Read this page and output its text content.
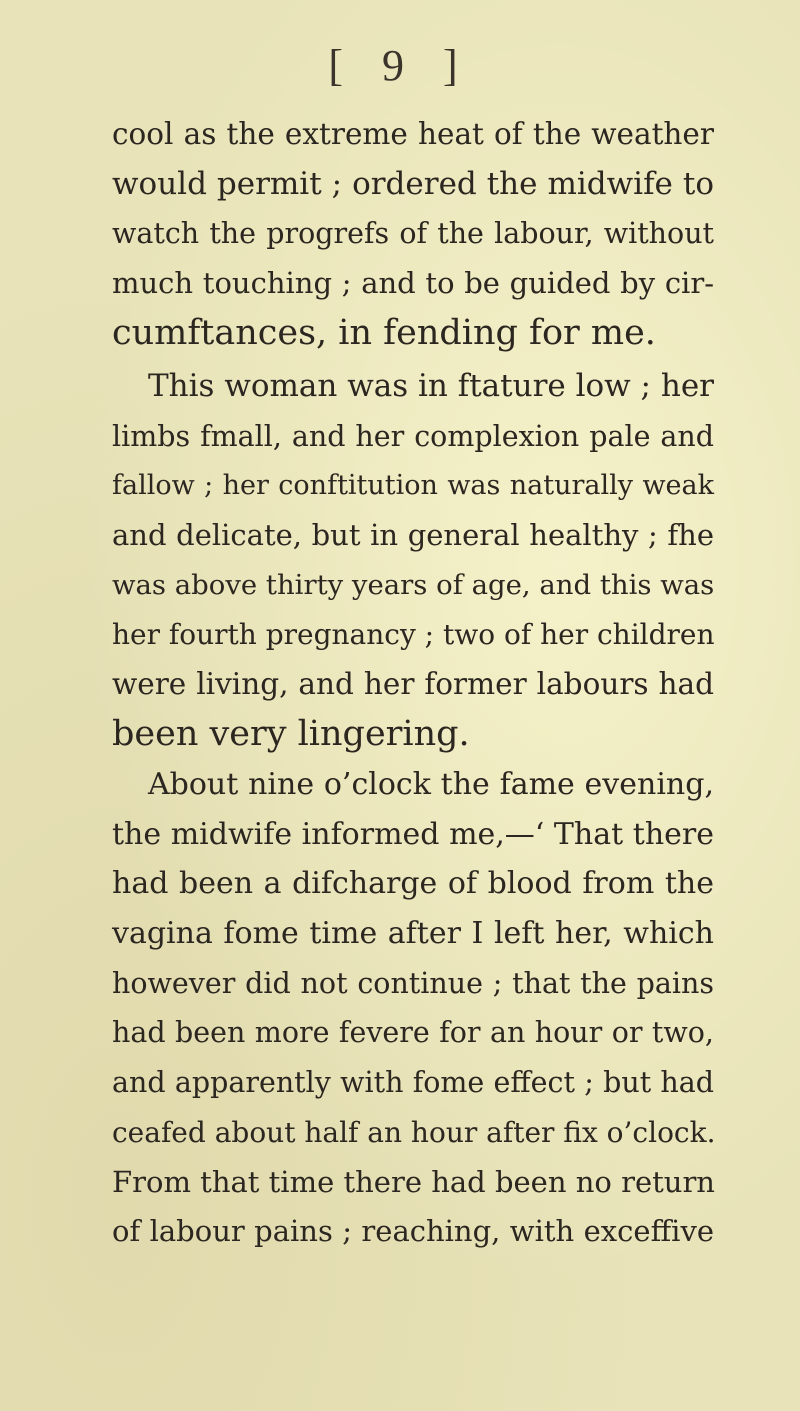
[ 9 ]
cool as the extreme heat of the weather
would permit ; ordered the midwife to
watch the progrefs of the labour, without
much touching ; and to be guided by cir-
cumftances, in fending for me.
This woman was in ftature low ; her
limbs fmall, and her complexion pale and
fallow ; her conftitution was naturally weak
and delicate, but in general healthy ; fhe
was above thirty years of age, and this was
her fourth pregnancy ; two of her children
were living, and her former labours had
been very lingering.
About nine o’clock the fame evening,
the midwife informed me,—‘ That there
had been a difcharge of blood from the
vagina fome time after I left her, which
however did not continue ; that the pains
had been more fevere for an hour or two,
and apparently with fome effect ; but had
ceafed about half an hour after fix o’clock.
From that time there had been no return
of labour pains ; reaching, with exceffive
